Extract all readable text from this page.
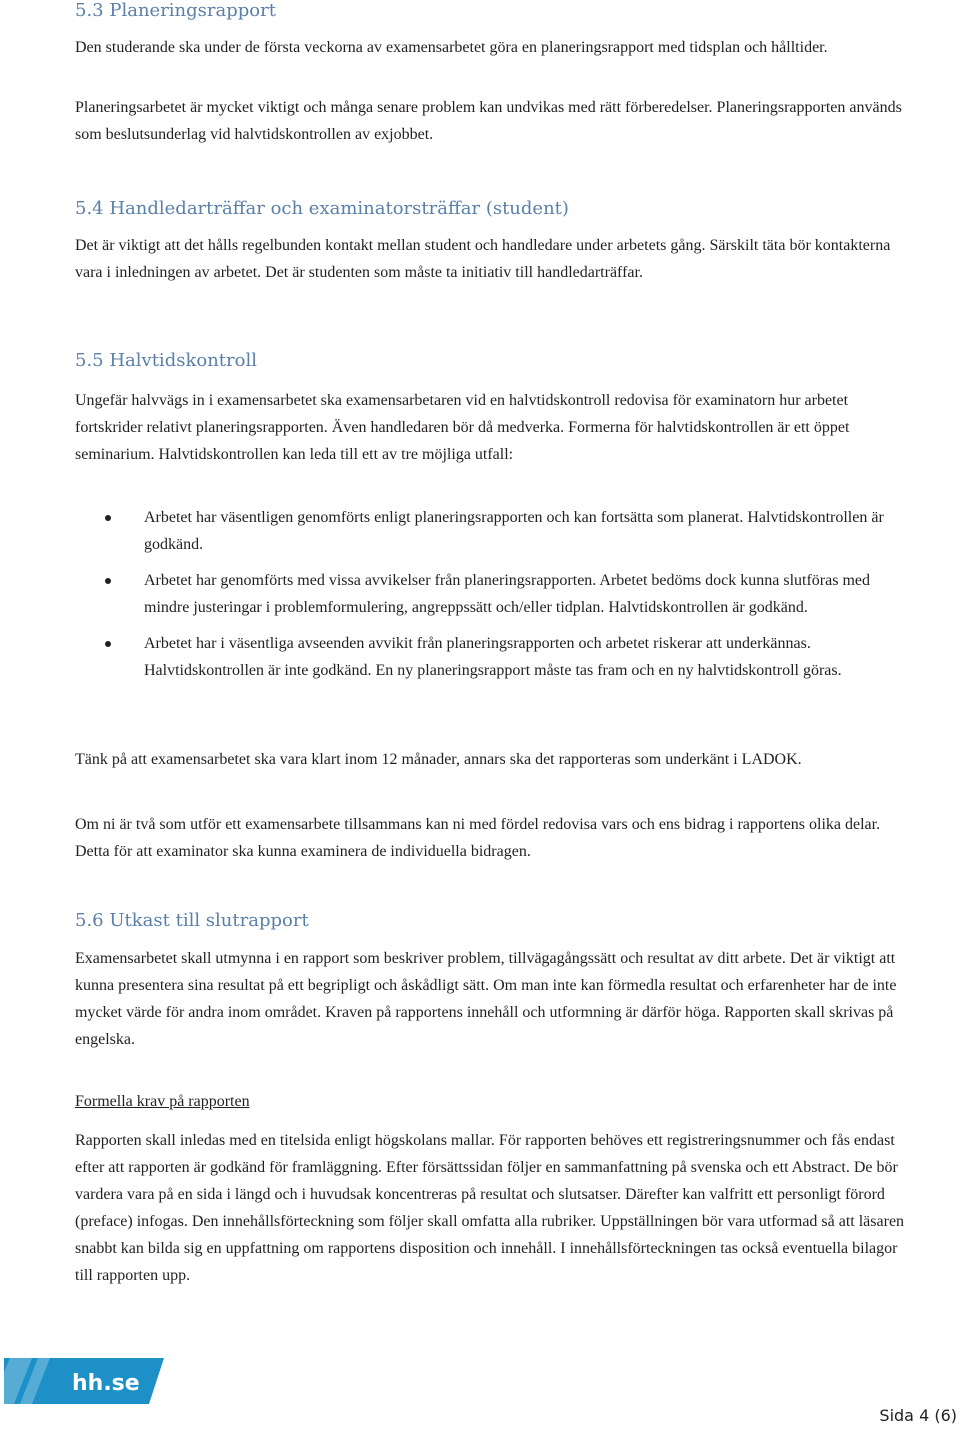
5.3 Planeringsrapport

Den studerande ska under de första veckorna av examensarbetet göra en planeringsrapport med tidsplan och hålltider.

Planeringsarbetet är mycket viktigt och många senare problem kan undvikas med rätt förberedelser. Planeringsrapporten används som beslutsunderlag vid halvtidskontrollen av exjobbet.

5.4 Handledarträffar och examinatorsträffar (student)

Det är viktigt att det hålls regelbunden kontakt mellan student och handledare under arbetets gång. Särskilt täta bör kontakterna vara i inledningen av arbetet. Det är studenten som måste ta initiativ till handledarträffar.

5.5 Halvtidskontroll

Ungefär halvvägs in i examensarbetet ska examensarbetaren vid en halvtidskontroll redovisa för examinatorn hur arbetet fortskrider relativt planeringsrapporten. Även handledaren bör då medverka. Formerna för halvtidskontrollen är ett öppet seminarium. Halvtidskontrollen kan leda till ett av tre möjliga utfall:

Arbetet har väsentligen genomförts enligt planeringsrapporten och kan fortsätta som planerat. Halvtidskontrollen är godkänd.
Arbetet har genomförts med vissa avvikelser från planeringsrapporten. Arbetet bedöms dock kunna slutföras med mindre justeringar i problemformulering, angreppssätt och/eller tidplan. Halvtidskontrollen är godkänd.
Arbetet har i väsentliga avseenden avvikit från planeringsrapporten och arbetet riskerar att underkännas. Halvtidskontrollen är inte godkänd. En ny planeringsrapport måste tas fram och en ny halvtidskontroll göras.

Tänk på att examensarbetet ska vara klart inom 12 månader, annars ska det rapporteras som underkänt i LADOK.

Om ni är två som utför ett examensarbete tillsammans kan ni med fördel redovisa vars och ens bidrag i rapportens olika delar. Detta för att examinator ska kunna examinera de individuella bidragen.

5.6 Utkast till slutrapport

Examensarbetet skall utmynna i en rapport som beskriver problem, tillvägagångssätt och resultat av ditt arbete. Det är viktigt att kunna presentera sina resultat på ett begripligt och åskådligt sätt. Om man inte kan förmedla resultat och erfarenheter har de inte mycket värde för andra inom området. Kraven på rapportens innehåll och utformning är därför höga. Rapporten skall skrivas på engelska.

Formella krav på rapporten

Rapporten skall inledas med en titelsida enligt högskolans mallar. För rapporten behöves ett registreringsnummer och fås endast efter att rapporten är godkänd för framläggning. Efter försättssidan följer en sammanfattning på svenska och ett Abstract. De bör vardera vara på en sida i längd och i huvudsak koncentreras på resultat och slutsatser. Därefter kan valfritt ett personligt förord (preface) infogas. Den innehållsförteckning som följer skall omfatta alla rubriker. Uppställningen bör vara utformad så att läsaren snabbt kan bilda sig en uppfattning om rapportens disposition och innehåll. I innehållsförteckningen tas också eventuella bilagor till rapporten upp.

hh.se
Sida 4 (6)
